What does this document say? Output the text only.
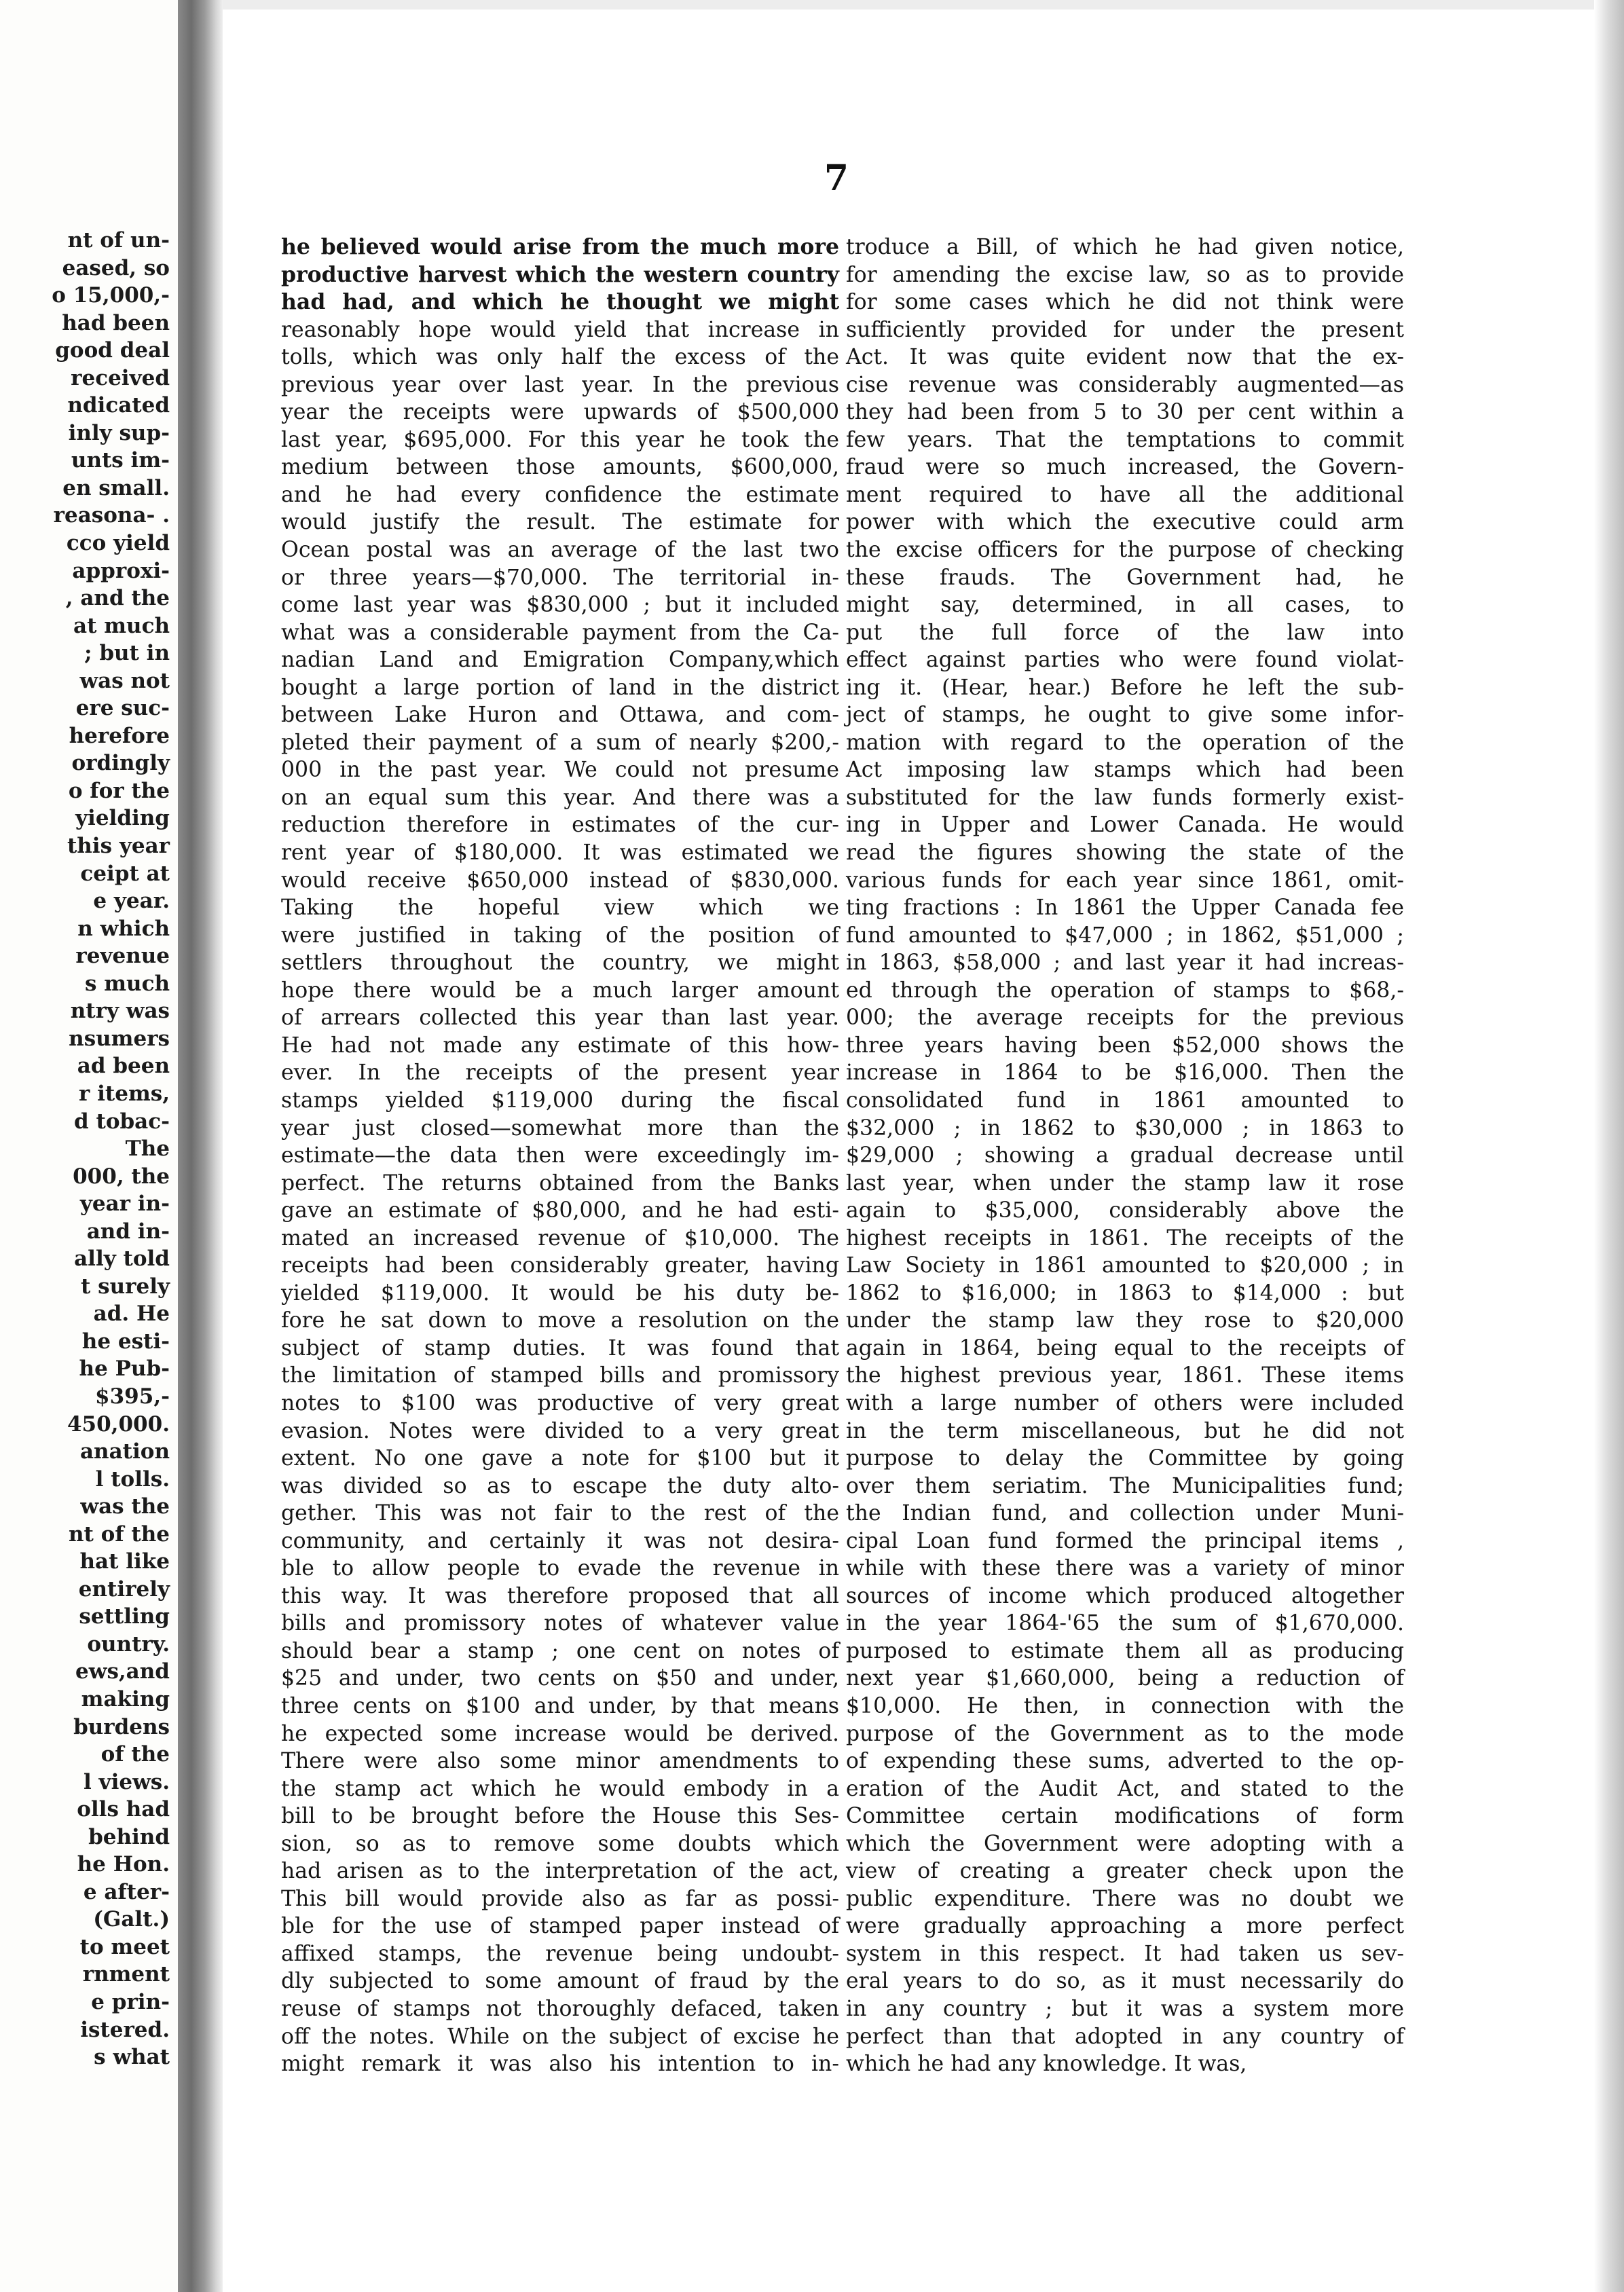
nt of un-
eased, so
o 15,000,-
had been
good deal
received
ndicated
inly sup-
unts im-
en small.
reasona- .
cco yield
approxi-
, and the
at much
; but in
was not
ere suc-
herefore
ordingly
o for the
yielding
this year
ceipt at
e year.
n which
revenue
s much
ntry was
nsumers
ad been
r items,
d tobac-
The
000, the
year in-
and in-
ally told
t surely
ad. He
he esti-
he Pub-
$395,-
450,000.
anation
l tolls.
was the
nt of the
hat like
entirely
settling
ountry.
ews,and
making
burdens
of the
l views.
olls had
behind
he Hon.
e after-
(Galt.)
to meet
rnment
e prin-
istered.
s what
7
he believed would arise from the much more
productive harvest which the western country
had had, and which he thought we might
reasonably hope would yield that increase in
tolls, which was only half the excess of the
previous year over last year. In the previous
year the receipts were upwards of $500,000
last year, $695,000. For this year he took the
medium between those amounts, $600,000,
and he had every confidence the estimate
would justify the result. The estimate for
Ocean postal was an average of the last two
or three years—$70,000. The territorial in-
come last year was $830,000 ; but it included
what was a considerable payment from the Ca-
nadian Land and Emigration Company,which
bought a large portion of land in the district
between Lake Huron and Ottawa, and com-
pleted their payment of a sum of nearly $200,-
000 in the past year. We could not presume
on an equal sum this year. And there was a
reduction therefore in estimates of the cur-
rent year of $180,000. It was estimated we
would receive $650,000 instead of $830,000.
Taking the hopeful view which we
were justified in taking of the position of
settlers throughout the country, we might
hope there would be a much larger amount
of arrears collected this year than last year.
He had not made any estimate of this how-
ever. In the receipts of the present year
stamps yielded $119,000 during the fiscal
year just closed—somewhat more than the
estimate—the data then were exceedingly im-
perfect. The returns obtained from the Banks
gave an estimate of $80,000, and he had esti-
mated an increased revenue of $10,000. The
receipts had been considerably greater, having
yielded $119,000. It would be his duty be-
fore he sat down to move a resolution on the
subject of stamp duties. It was found that
the limitation of stamped bills and promissory
notes to $100 was productive of very great
evasion. Notes were divided to a very great
extent. No one gave a note for $100 but it
was divided so as to escape the duty alto-
gether. This was not fair to the rest of the
community, and certainly it was not desira-
ble to allow people to evade the revenue in
this way. It was therefore proposed that all
bills and promissory notes of whatever value
should bear a stamp ; one cent on notes of
$25 and under, two cents on $50 and under,
three cents on $100 and under, by that means
he expected some increase would be derived.
There were also some minor amendments to
the stamp act which he would embody in a
bill to be brought before the House this Ses-
sion, so as to remove some doubts which
had arisen as to the interpretation of the act,
This bill would provide also as far as possi-
ble for the use of stamped paper instead of
affixed stamps, the revenue being undoubt-
dly subjected to some amount of fraud by the
reuse of stamps not thoroughly defaced, taken
off the notes. While on the subject of excise he
might remark it was also his intention to in-
troduce a Bill, of which he had given notice,
for amending the excise law, so as to provide
for some cases which he did not think were
sufficiently provided for under the present
Act. It was quite evident now that the ex-
cise revenue was considerably augmented—as
they had been from 5 to 30 per cent within a
few years. That the temptations to commit
fraud were so much increased, the Govern-
ment required to have all the additional
power with which the executive could arm
the excise officers for the purpose of checking
these frauds. The Government had, he
might say, determined, in all cases, to
put the full force of the law into
effect against parties who were found violat-
ing it. (Hear, hear.) Before he left the sub-
ject of stamps, he ought to give some infor-
mation with regard to the operation of the
Act imposing law stamps which had been
substituted for the law funds formerly exist-
ing in Upper and Lower Canada. He would
read the figures showing the state of the
various funds for each year since 1861, omit-
ting fractions : In 1861 the Upper Canada fee
fund amounted to $47,000 ; in 1862, $51,000 ;
in 1863, $58,000 ; and last year it had increas-
ed through the operation of stamps to $68,-
000; the average receipts for the previous
three years having been $52,000 shows the
increase in 1864 to be $16,000. Then the
consolidated fund in 1861 amounted to
$32,000 ; in 1862 to $30,000 ; in 1863 to
$29,000 ; showing a gradual decrease until
last year, when under the stamp law it rose
again to $35,000, considerably above the
highest receipts in 1861. The receipts of the
Law Society in 1861 amounted to $20,000 ; in
1862 to $16,000; in 1863 to $14,000 : but
under the stamp law they rose to $20,000
again in 1864, being equal to the receipts of
the highest previous year, 1861. These items
with a large number of others were included
in the term miscellaneous, but he did not
purpose to delay the Committee by going
over them seriatim. The Municipalities fund;
the Indian fund, and collection under Muni-
cipal Loan fund formed the principal items ,
while with these there was a variety of minor
sources of income which produced altogether
in the year 1864-'65 the sum of $1,670,000.
purposed to estimate them all as producing
next year $1,660,000, being a reduction of
$10,000. He then, in connection with the
purpose of the Government as to the mode
of expending these sums, adverted to the op-
eration of the Audit Act, and stated to the
Committee certain modifications of form
which the Government were adopting with a
view of creating a greater check upon the
public expenditure. There was no doubt we
were gradually approaching a more perfect
system in this respect. It had taken us sev-
eral years to do so, as it must necessarily do
in any country ; but it was a system more
perfect than that adopted in any country of
which he had any knowledge. It was,
